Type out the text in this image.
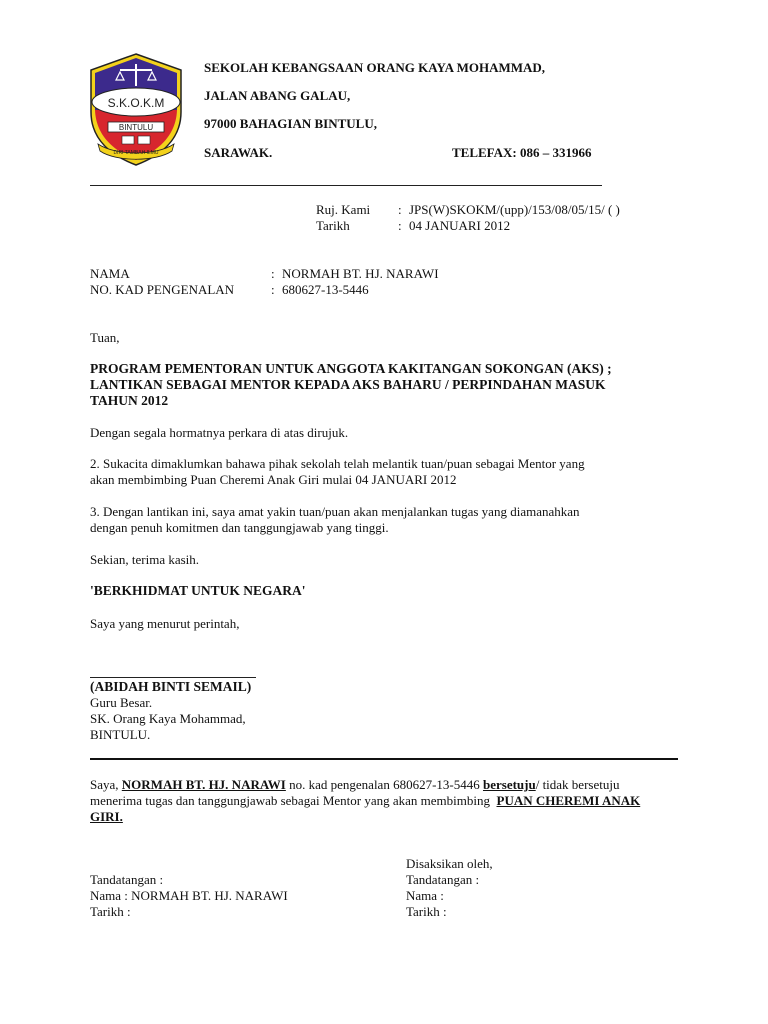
S.K.O.K.M
BINTULU
DIRI TAMBAH ILMU
SEKOLAH KEBANGSAAN ORANG KAYA MOHAMMAD,
JALAN ABANG GALAU,
97000 BAHAGIAN BINTULU,
SARAWAK.	TELEFAX: 086 – 331966
Ruj. Kami : JPS(W)SKOKM/(upp)/153/08/05/15/ ( )
Tarikh	: 04 JANUARI 2012
NAMA	: NORMAH BT. HJ. NARAWI
NO. KAD PENGENALAN	: 680627-13-5446
Tuan,
PROGRAM PEMENTORAN UNTUK ANGGOTA KAKITANGAN SOKONGAN (AKS) ;
LANTIKAN SEBAGAI MENTOR KEPADA AKS BAHARU / PERPINDAHAN MASUK
TAHUN 2012
Dengan segala hormatnya perkara di atas dirujuk.
2. Sukacita dimaklumkan bahawa pihak sekolah telah melantik tuan/puan sebagai Mentor yang
akan membimbing Puan Cheremi Anak Giri mulai 04 JANUARI 2012
3. Dengan lantikan ini, saya amat yakin tuan/puan akan menjalankan tugas yang diamanahkan
dengan penuh komitmen dan tanggungjawab yang tinggi.
Sekian, terima kasih.
'BERKHIDMAT UNTUK NEGARA'
Saya yang menurut perintah,
(ABIDAH BINTI SEMAIL)
Guru Besar.
SK. Orang Kaya Mohammad,
BINTULU.
Saya, NORMAH BT. HJ. NARAWI no. kad pengenalan 680627-13-5446 bersetuju/ tidak bersetuju
menerima tugas dan tanggungjawab sebagai Mentor yang akan membimbing PUAN CHEREMI ANAK
GIRI.
Disaksikan oleh,
Tandatangan :	Tandatangan :
Nama : NORMAH BT. HJ. NARAWI	Nama :
Tarikh :	Tarikh :
